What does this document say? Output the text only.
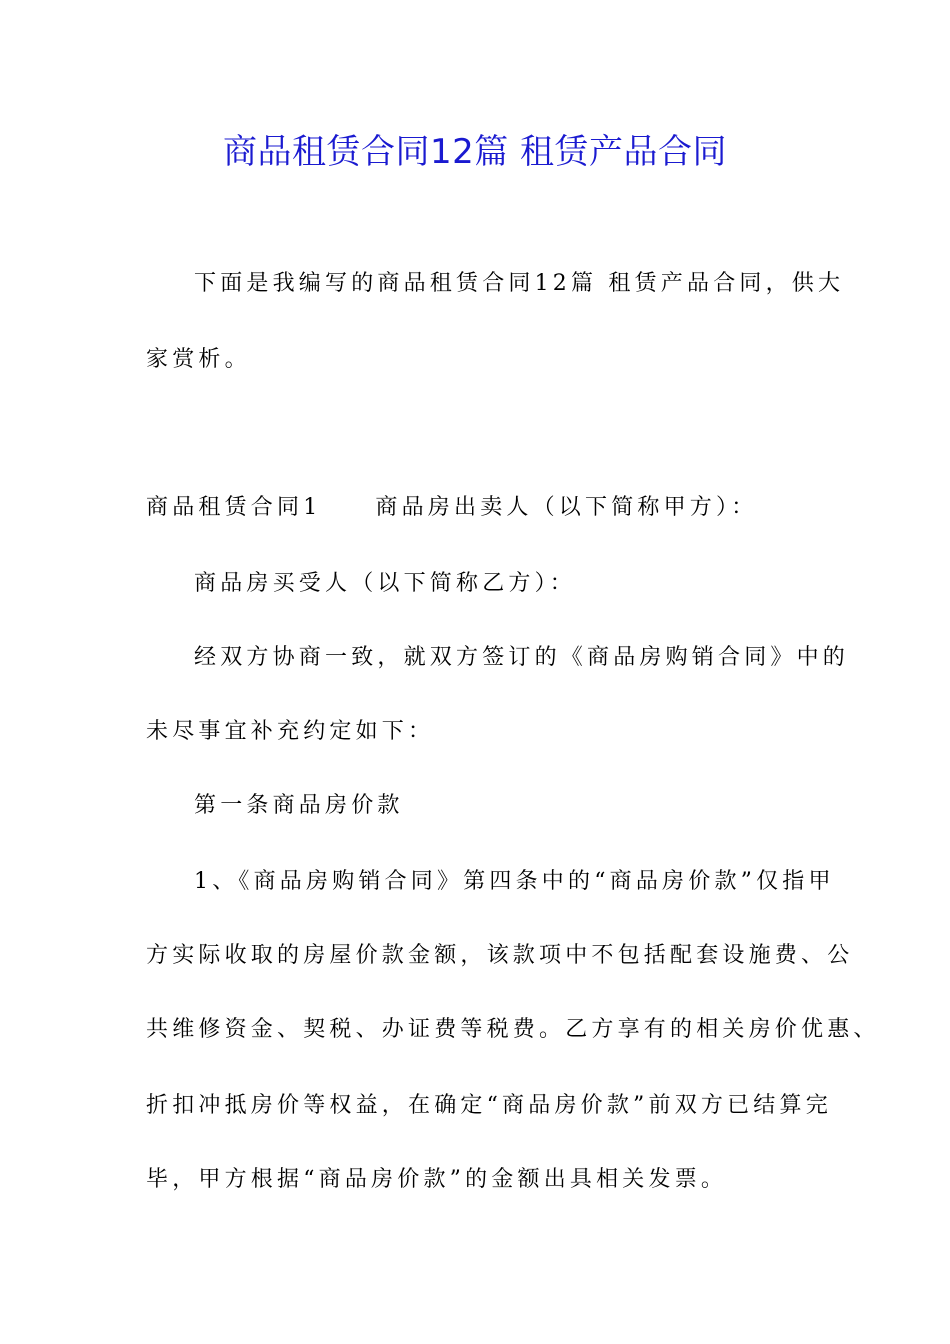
商品租赁合同12篇 租赁产品合同
下面是我编写的商品租赁合同12篇 租赁产品合同，供大
家赏析。
商品租赁合同1 商品房出卖人（以下简称甲方）：
商品房买受人（以下简称乙方）：
经双方协商一致，就双方签订的《商品房购销合同》中的
未尽事宜补充约定如下：
第一条商品房价款
1、《商品房购销合同》第四条中的“商品房价款”仅指甲
方实际收取的房屋价款金额，该款项中不包括配套设施费、公
共维修资金、契税、办证费等税费。乙方享有的相关房价优惠、
折扣冲抵房价等权益，在确定“商品房价款”前双方已结算完
毕，甲方根据“商品房价款”的金额出具相关发票。
